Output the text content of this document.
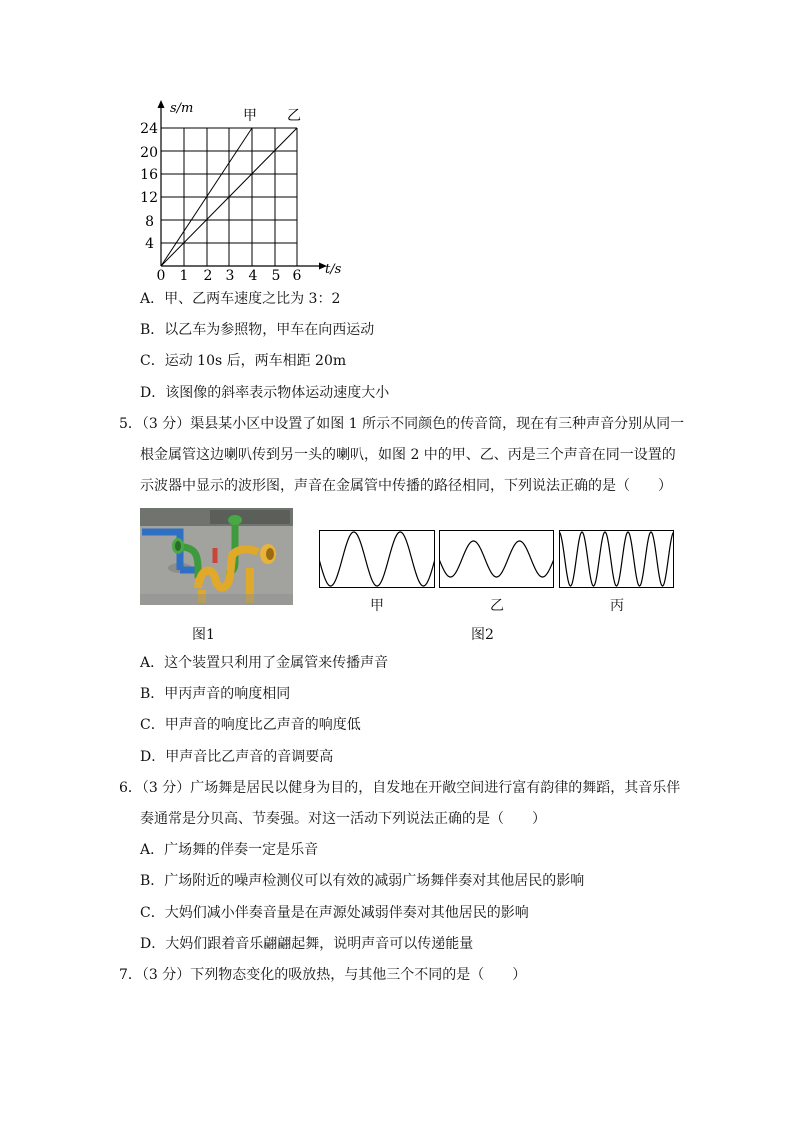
s/m
t/s
甲 乙
24
20
16
12
8
4
0 1 2 3 4 5 6
A．甲、乙两车速度之比为 3：2
B．以乙车为参照物，甲车在向西运动
C．运动 10s 后，两车相距 20m
D．该图像的斜率表示物体运动速度大小
5．（3 分）渠县某小区中设置了如图 1 所示不同颜色的传音筒，现在有三种声音分别从同一
根金属管这边喇叭传到另一头的喇叭，如图 2 中的甲、乙、丙是三个声音在同一设置的
示波器中显示的波形图，声音在金属管中传播的路径相同，下列说法正确的是（　　）
甲	乙	丙
图1	图2
A．这个装置只利用了金属管来传播声音
B．甲丙声音的响度相同
C．甲声音的响度比乙声音的响度低
D．甲声音比乙声音的音调要高
6．（3 分）广场舞是居民以健身为目的，自发地在开敞空间进行富有韵律的舞蹈，其音乐伴
奏通常是分贝高、节奏强。对这一活动下列说法正确的是（　　）
A．广场舞的伴奏一定是乐音
B．广场附近的噪声检测仪可以有效的减弱广场舞伴奏对其他居民的影响
C．大妈们减小伴奏音量是在声源处减弱伴奏对其他居民的影响
D．大妈们跟着音乐翩翩起舞，说明声音可以传递能量
7．（3 分）下列物态变化的吸放热，与其他三个不同的是（　　）
